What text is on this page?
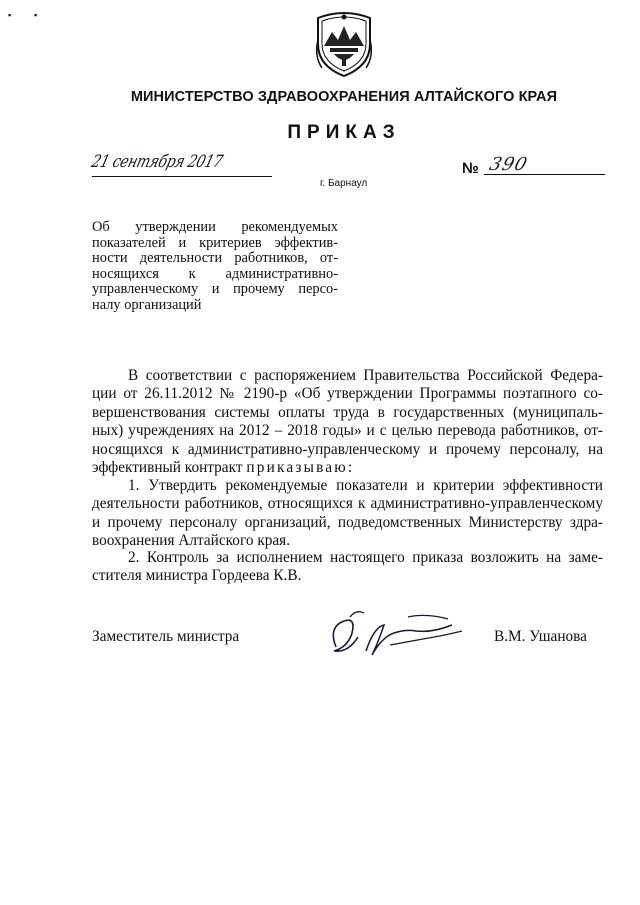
▪	▪
МИНИСТЕРСТВО ЗДРАВООХРАНЕНИЯ АЛТАЙСКОГО КРАЯ
ПРИКАЗ
21 сентября 2017
г. Барнаул
№ 390
Об утверждении рекомендуемых
показателей и критериев эффектив-
ности деятельности работников, от-
носящихся к административно-
управленческому и прочему персо-
налу организаций
В соответствии с распоряжением Правительства Российской Федера-
ции от 26.11.2012 № 2190-р «Об утверждении Программы поэтапного со-
вершенствования системы оплаты труда в государственных (муниципаль-
ных) учреждениях на 2012 – 2018 годы» и с целью перевода работников, от-
носящихся к административно-управленческому и прочему персоналу, на
эффективный контракт приказываю:
1. Утвердить рекомендуемые показатели и критерии эффективности
деятельности работников, относящихся к административно-управленческому
и прочему персоналу организаций, подведомственных Министерству здра-
воохранения Алтайского края.
2. Контроль за исполнением настоящего приказа возложить на заме-
стителя министра Гордеева К.В.
Заместитель министра	В.М. Ушанова
